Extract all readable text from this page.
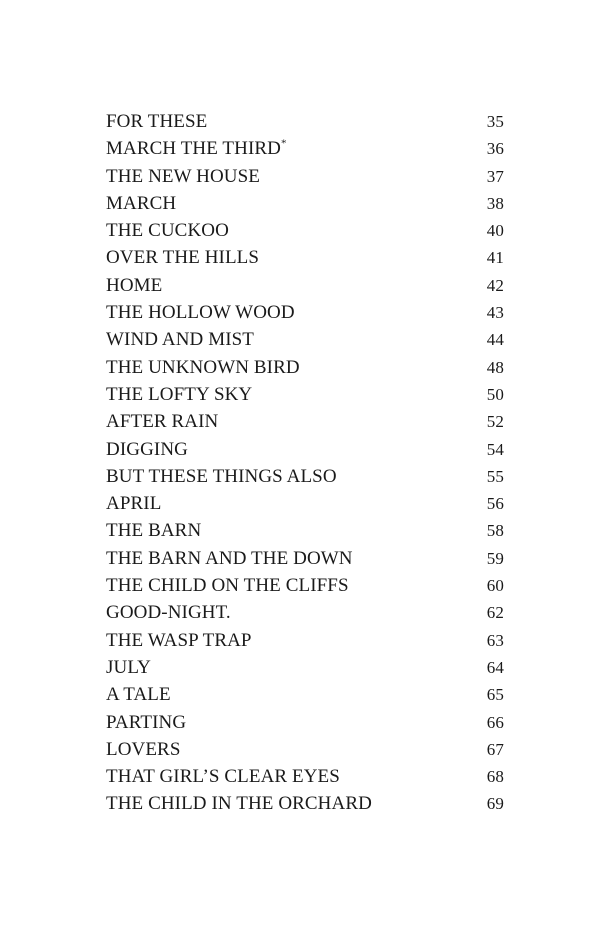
FOR THESE	35
MARCH THE THIRD*	36
THE NEW HOUSE	37
MARCH	38
THE CUCKOO	40
OVER THE HILLS	41
HOME	42
THE HOLLOW WOOD	43
WIND AND MIST	44
THE UNKNOWN BIRD	48
THE LOFTY SKY	50
AFTER RAIN	52
DIGGING	54
BUT THESE THINGS ALSO	55
APRIL	56
THE BARN	58
THE BARN AND THE DOWN	59
THE CHILD ON THE CLIFFS	60
GOOD-NIGHT.	62
THE WASP TRAP	63
JULY	64
A TALE	65
PARTING	66
LOVERS	67
THAT GIRL’S CLEAR EYES	68
THE CHILD IN THE ORCHARD	69
